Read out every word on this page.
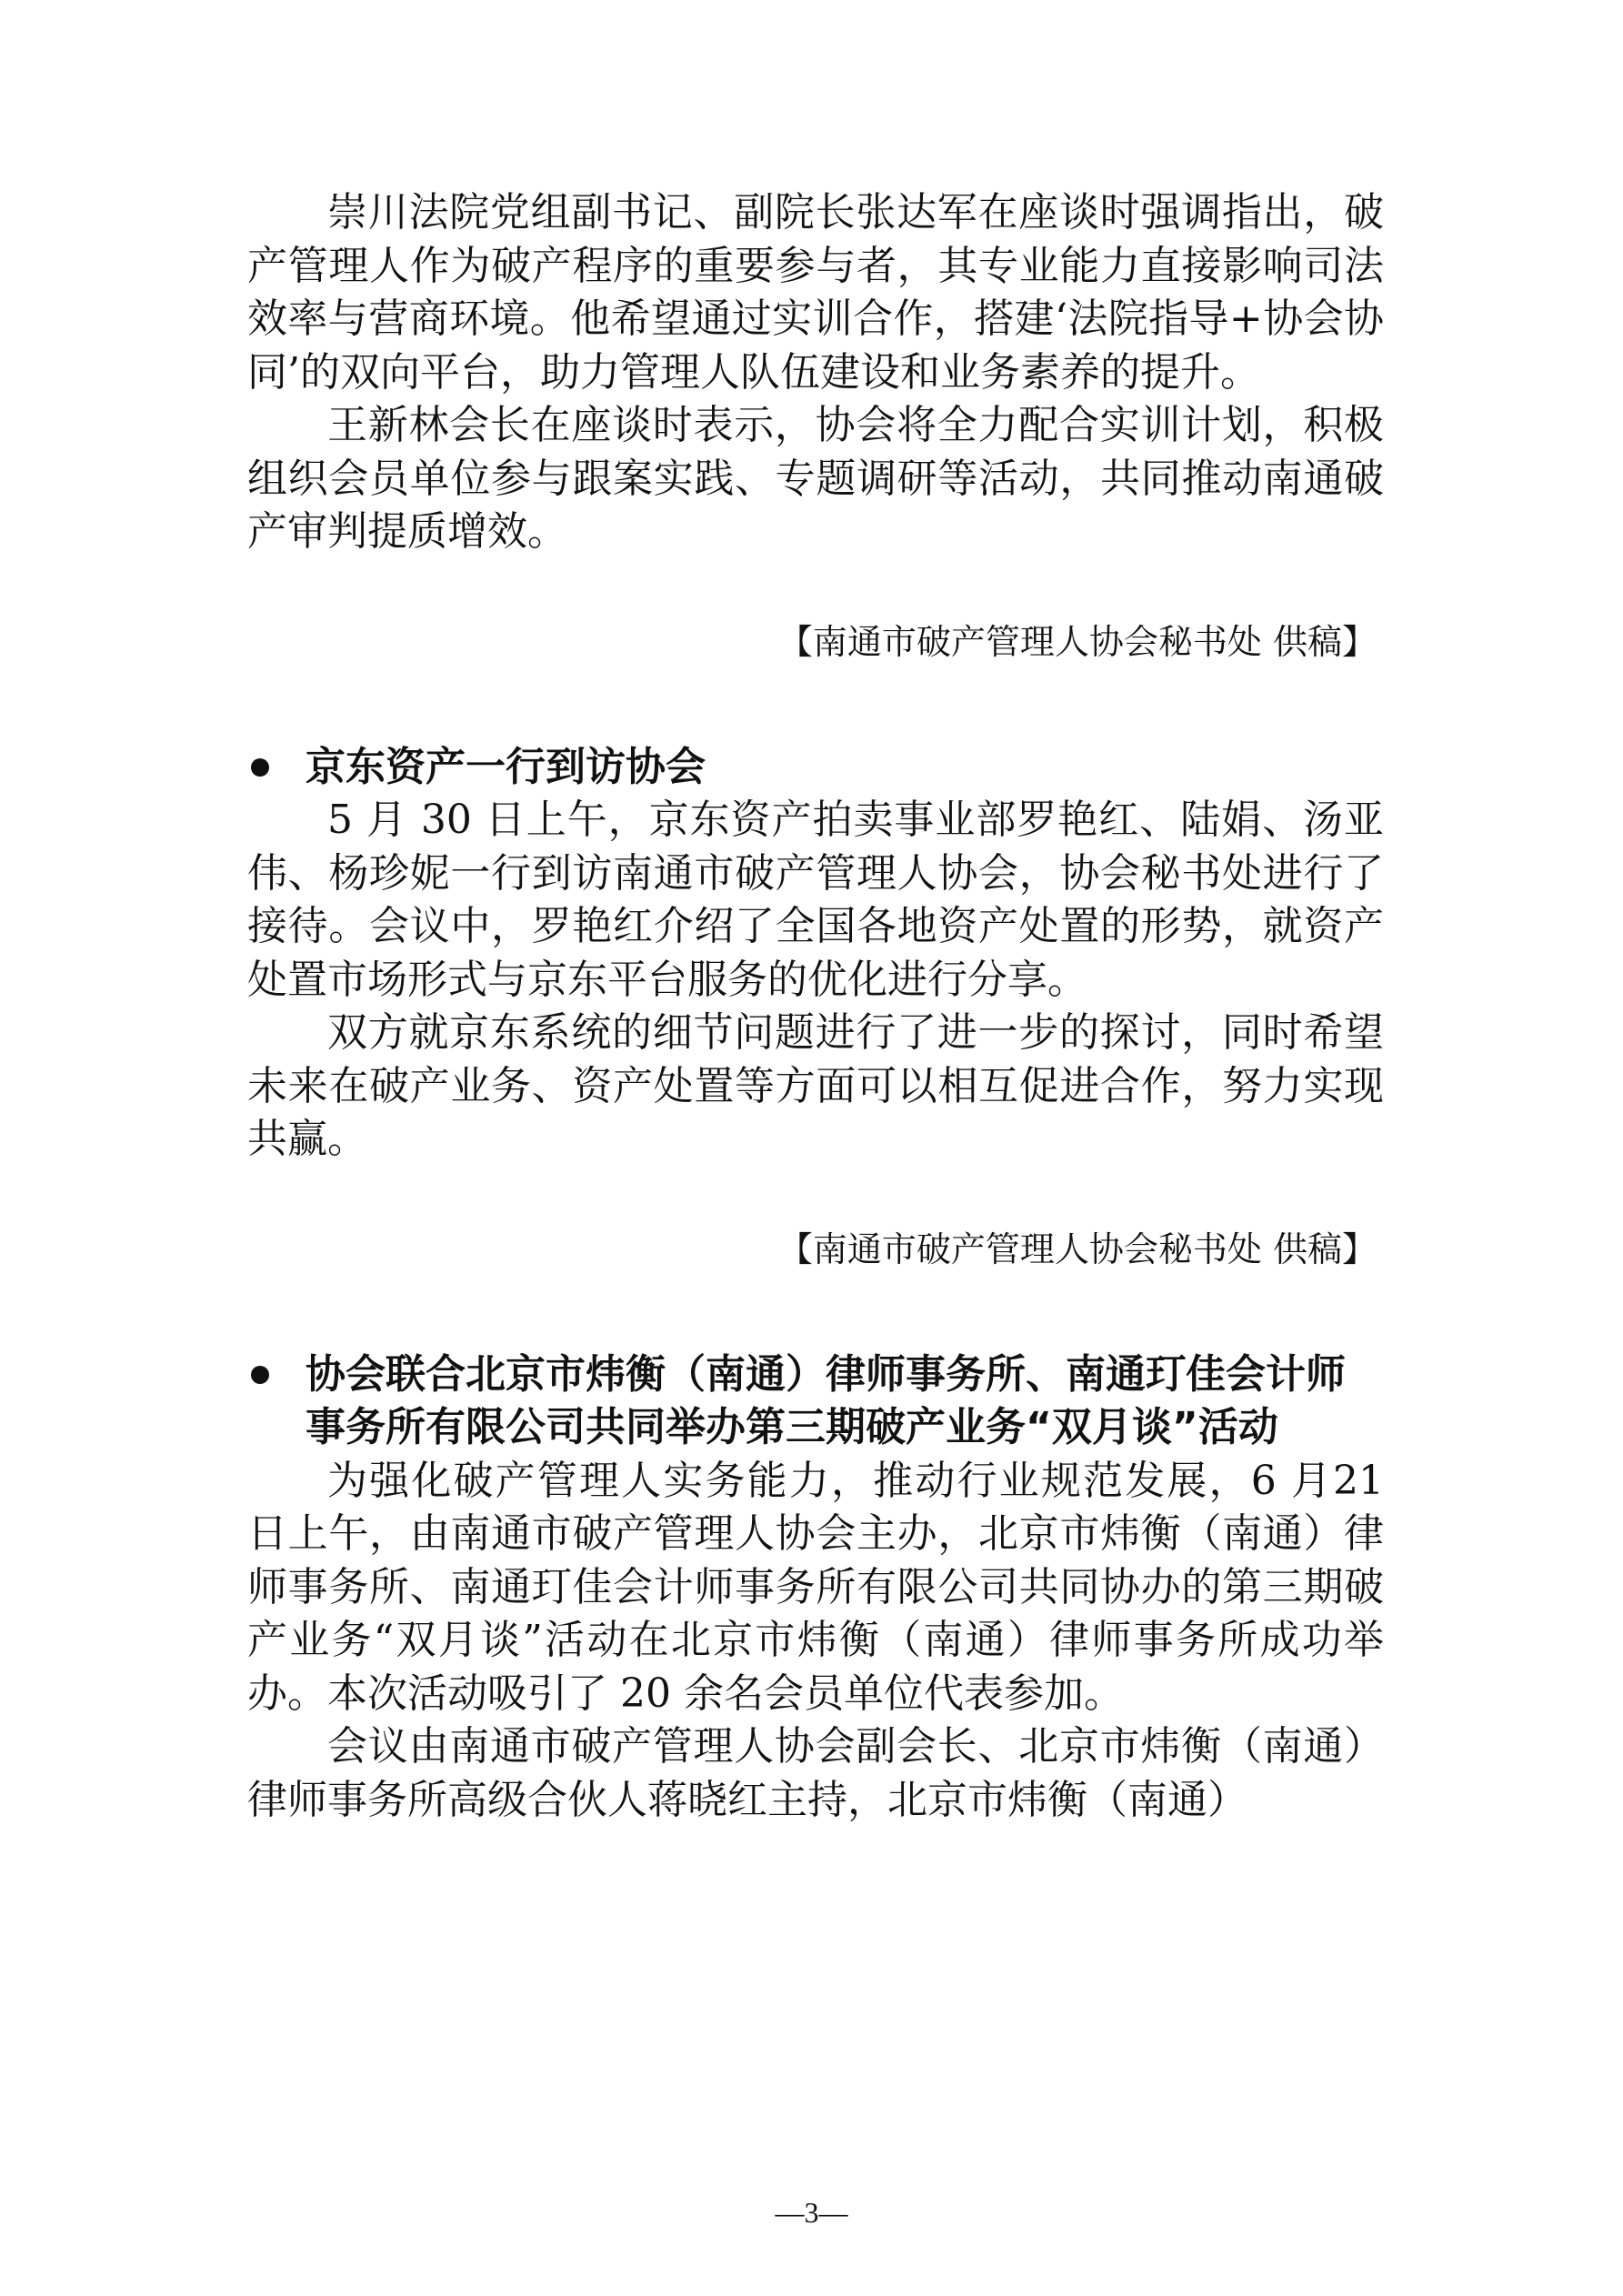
崇川法院党组副书记、副院长张达军在座谈时强调指出，破产管理人作为破产程序的重要参与者，其专业能力直接影响司法效率与营商环境。他希望通过实训合作，搭建‘法院指导+协会协同’的双向平台，助力管理人队伍建设和业务素养的提升。

王新林会长在座谈时表示，协会将全力配合实训计划，积极组织会员单位参与跟案实践、专题调研等活动，共同推动南通破产审判提质增效。

【南通市破产管理人协会秘书处 供稿】

京东资产一行到访协会

5 月 30 日上午，京东资产拍卖事业部罗艳红、陆娟、汤亚伟、杨珍妮一行到访南通市破产管理人协会，协会秘书处进行了接待。会议中，罗艳红介绍了全国各地资产处置的形势，就资产处置市场形式与京东平台服务的优化进行分享。

双方就京东系统的细节问题进行了进一步的探讨，同时希望未来在破产业务、资产处置等方面可以相互促进合作，努力实现共赢。

【南通市破产管理人协会秘书处 供稿】

协会联合北京市炜衡（南通）律师事务所、南通玎佳会计师事务所有限公司共同举办第三期破产业务“双月谈”活动

为强化破产管理人实务能力，推动行业规范发展，6 月21 日上午，由南通市破产管理人协会主办，北京市炜衡（南通）律师事务所、南通玎佳会计师事务所有限公司共同协办的第三期破产业务“双月谈”活动在北京市炜衡（南通）律师事务所成功举办。本次活动吸引了 20 余名会员单位代表参加。

会议由南通市破产管理人协会副会长、北京市炜衡（南通）律师事务所高级合伙人蒋晓红主持，北京市炜衡（南通）

—3—
